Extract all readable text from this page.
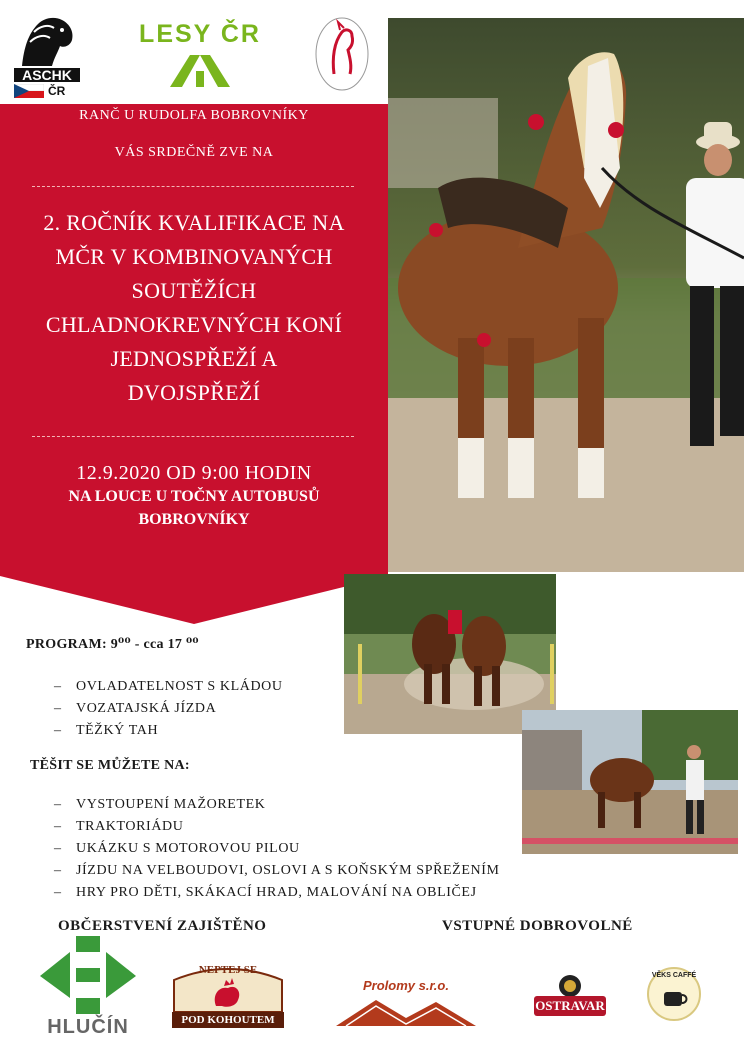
ASCHK
ČR
LESY ČR
RANČ U RUDOLFA BOBROVNÍKY
VÁS SRDEČNĚ ZVE NA
2. ROČNÍK KVALIFIKACE NA
MČR V KOMBINOVANÝCH
SOUTĚŽÍCH
CHLADNOKREVNÝCH KONÍ
JEDNOSPŘEŽÍ A
DVOJSPŘEŽÍ
12.9.2020 OD 9:00 HODIN
NA LOUCE U TOČNY AUTOBUSŮ
BOBROVNÍKY
PROGRAM: 9⁰⁰ - cca 17 ⁰⁰
–	OVLADATELNOST S KLÁDOU
–	VOZATAJSKÁ JÍZDA
–	TĚŽKÝ TAH
TĚŠIT SE MŮŽETE NA:
–	VYSTOUPENÍ MAŽORETEK
–	TRAKTORIÁDU
–	UKÁZKU S MOTOROVOU PILOU
–	JÍZDU NA VELBOUDOVI, OSLOVI A S KOŇSKÝM SPŘEŽENÍM
–	HRY PRO DĚTI, SKÁKACÍ HRAD, MALOVÁNÍ NA OBLIČEJ
OBČERSTVENÍ ZAJIŠTĚNO	VSTUPNÉ DOBROVOLNÉ
HLUČÍN
NEPTEJ SE
POD KOHOUTEM
Prolomy s.r.o.
OSTRAVAR
VĚKS CAFFÉ
